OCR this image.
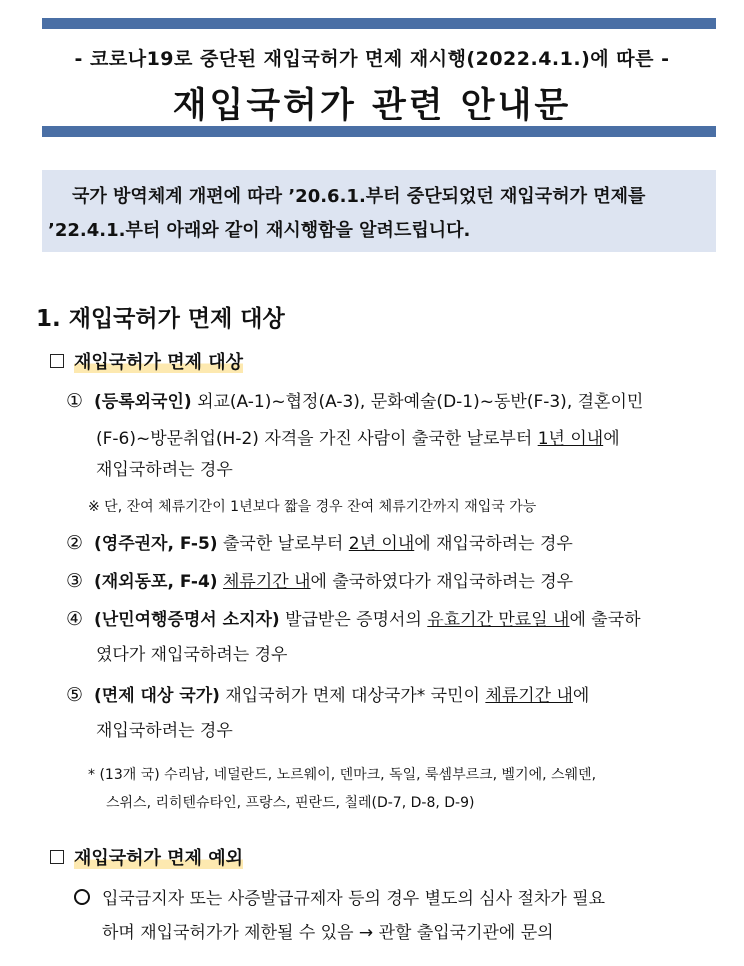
- 코로나19로 중단된 재입국허가 면제 재시행(2022.4.1.)에 따른 -
재입국허가 관련 안내문
국가 방역체계 개편에 따라 ’20.6.1.부터 중단되었던 재입국허가 면제를
’22.4.1.부터 아래와 같이 재시행함을 알려드립니다.
1. 재입국허가 면제 대상
재입국허가 면제 대상
① (등록외국인) 외교(A-1)~협정(A-3), 문화예술(D-1)~동반(F-3), 결혼이민
(F-6)~방문취업(H-2) 자격을 가진 사람이 출국한 날로부터 1년 이내에
재입국하려는 경우
※ 단, 잔여 체류기간이 1년보다 짧을 경우 잔여 체류기간까지 재입국 가능
② (영주권자, F-5) 출국한 날로부터 2년 이내에 재입국하려는 경우
③ (재외동포, F-4) 체류기간 내에 출국하였다가 재입국하려는 경우
④ (난민여행증명서 소지자) 발급받은 증명서의 유효기간 만료일 내에 출국하
였다가 재입국하려는 경우
⑤ (면제 대상 국가) 재입국허가 면제 대상국가* 국민이 체류기간 내에
재입국하려는 경우
* (13개 국) 수리남, 네덜란드, 노르웨이, 덴마크, 독일, 룩셈부르크, 벨기에, 스웨덴,
스위스, 리히텐슈타인, 프랑스, 핀란드, 칠레(D-7, D-8, D-9)
재입국허가 면제 예외
입국금지자 또는 사증발급규제자 등의 경우 별도의 심사 절차가 필요
하며 재입국허가가 제한될 수 있음 → 관할 출입국기관에 문의
